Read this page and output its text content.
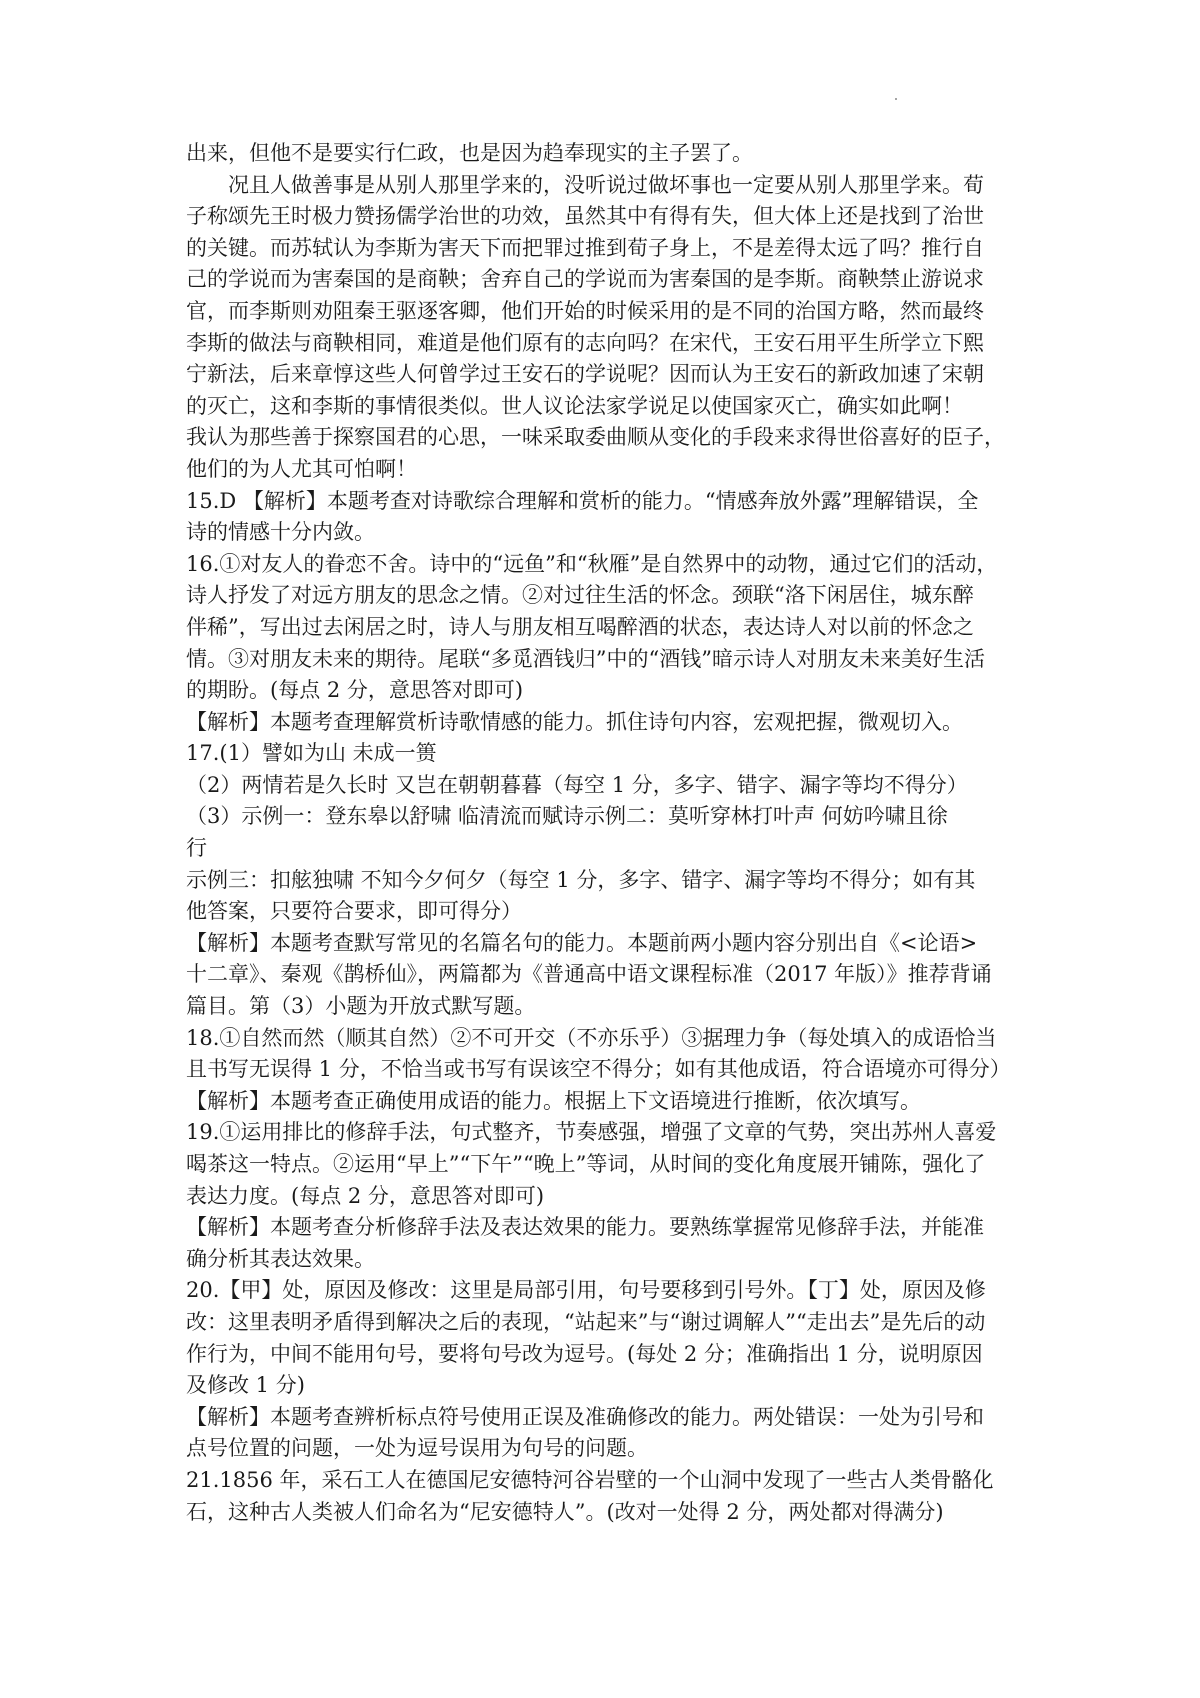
出来，但他不是要实行仁政，也是因为趋奉现实的主子罢了。
况且人做善事是从别人那里学来的，没听说过做坏事也一定要从别人那里学来。荀
子称颂先王时极力赞扬儒学治世的功效，虽然其中有得有失，但大体上还是找到了治世
的关键。而苏轼认为李斯为害天下而把罪过推到荀子身上，不是差得太远了吗？推行自
己的学说而为害秦国的是商鞅；舍弃自己的学说而为害秦国的是李斯。商鞅禁止游说求
官，而李斯则劝阻秦王驱逐客卿，他们开始的时候采用的是不同的治国方略，然而最终
李斯的做法与商鞅相同，难道是他们原有的志向吗？在宋代，王安石用平生所学立下熙
宁新法，后来章惇这些人何曾学过王安石的学说呢？因而认为王安石的新政加速了宋朝
的灭亡，这和李斯的事情很类似。世人议论法家学说足以使国家灭亡，确实如此啊！
我认为那些善于探察国君的心思，一味采取委曲顺从变化的手段来求得世俗喜好的臣子，
他们的为人尤其可怕啊！
15.D 【解析】本题考查对诗歌综合理解和赏析的能力。“情感奔放外露”理解错误，全
诗的情感十分内敛。
16.①对友人的眷恋不舍。诗中的“远鱼”和“秋雁”是自然界中的动物，通过它们的活动，
诗人抒发了对远方朋友的思念之情。②对过往生活的怀念。颈联“洛下闲居住，城东醉
伴稀”，写出过去闲居之时，诗人与朋友相互喝醉酒的状态，表达诗人对以前的怀念之
情。③对朋友未来的期待。尾联“多觅酒钱归”中的“酒钱”暗示诗人对朋友未来美好生活
的期盼。(每点 2 分，意思答对即可)
【解析】本题考查理解赏析诗歌情感的能力。抓住诗句内容，宏观把握，微观切入。
17.(1）譬如为山 未成一篑
（2）两情若是久长时 又岂在朝朝暮暮（每空 1 分，多字、错字、漏字等均不得分）
（3）示例一：登东皋以舒啸 临清流而赋诗示例二：莫听穿林打叶声 何妨吟啸且徐
行
示例三：扣舷独啸 不知今夕何夕（每空 1 分，多字、错字、漏字等均不得分；如有其
他答案，只要符合要求，即可得分）
【解析】本题考查默写常见的名篇名句的能力。本题前两小题内容分别出自《<论语>
十二章》、秦观《鹊桥仙》，两篇都为《普通高中语文课程标准（2017 年版）》推荐背诵
篇目。第（3）小题为开放式默写题。
18.①自然而然（顺其自然）②不可开交（不亦乐乎）③据理力争（每处填入的成语恰当
且书写无误得 1 分，不恰当或书写有误该空不得分；如有其他成语，符合语境亦可得分）
【解析】本题考查正确使用成语的能力。根据上下文语境进行推断，依次填写。
19.①运用排比的修辞手法，句式整齐，节奏感强，增强了文章的气势，突出苏州人喜爱
喝茶这一特点。②运用“早上”“下午”“晚上”等词，从时间的变化角度展开铺陈，强化了
表达力度。(每点 2 分，意思答对即可)
【解析】本题考查分析修辞手法及表达效果的能力。要熟练掌握常见修辞手法，并能准
确分析其表达效果。
20.【甲】处，原因及修改：这里是局部引用，句号要移到引号外。【丁】处，原因及修
改：这里表明矛盾得到解决之后的表现，“站起来”与“谢过调解人”“走出去”是先后的动
作行为，中间不能用句号，要将句号改为逗号。(每处 2 分；准确指出 1 分，说明原因
及修改 1 分)
【解析】本题考查辨析标点符号使用正误及准确修改的能力。两处错误：一处为引号和
点号位置的问题，一处为逗号误用为句号的问题。
21.1856 年，采石工人在德国尼安德特河谷岩壁的一个山洞中发现了一些古人类骨骼化
石，这种古人类被人们命名为“尼安德特人”。(改对一处得 2 分，两处都对得满分)
